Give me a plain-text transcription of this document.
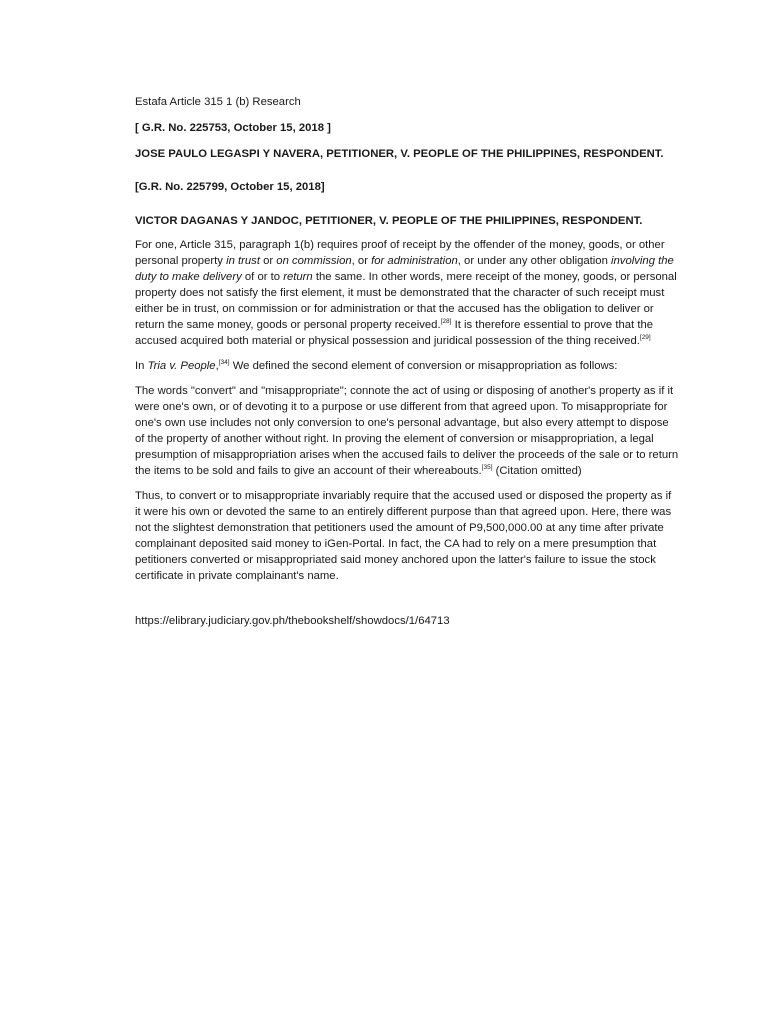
Estafa Article 315 1 (b) Research

[ G.R. No. 225753, October 15, 2018 ]

JOSE PAULO LEGASPI Y NAVERA, PETITIONER, V. PEOPLE OF THE PHILIPPINES, RESPONDENT.

[G.R. No. 225799, October 15, 2018]

VICTOR DAGANAS Y JANDOC, PETITIONER, V. PEOPLE OF THE PHILIPPINES, RESPONDENT.

For one, Article 315, paragraph 1(b) requires proof of receipt by the offender of the money, goods, or other personal property in trust or on commission, or for administration, or under any other obligation involving the duty to make delivery of or to return the same. In other words, mere receipt of the money, goods, or personal property does not satisfy the first element, it must be demonstrated that the character of such receipt must either be in trust, on commission or for administration or that the accused has the obligation to deliver or return the same money, goods or personal property received.[28] It is therefore essential to prove that the accused acquired both material or physical possession and juridical possession of the thing received.[29]

In Tria v. People,[34] We defined the second element of conversion or misappropriation as follows:

The words "convert" and "misappropriate"; connote the act of using or disposing of another's property as if it were one's own, or of devoting it to a purpose or use different from that agreed upon. To misappropriate for one's own use includes not only conversion to one's personal advantage, but also every attempt to dispose of the property of another without right. In proving the element of conversion or misappropriation, a legal presumption of misappropriation arises when the accused fails to deliver the proceeds of the sale or to return the items to be sold and fails to give an account of their whereabouts.[35] (Citation omitted)

Thus, to convert or to misappropriate invariably require that the accused used or disposed the property as if it were his own or devoted the same to an entirely different purpose than that agreed upon. Here, there was not the slightest demonstration that petitioners used the amount of P9,500,000.00 at any time after private complainant deposited said money to iGen-Portal. In fact, the CA had to rely on a mere presumption that petitioners converted or misappropriated said money anchored upon the latter's failure to issue the stock certificate in private complainant's name.

https://elibrary.judiciary.gov.ph/thebookshelf/showdocs/1/64713
